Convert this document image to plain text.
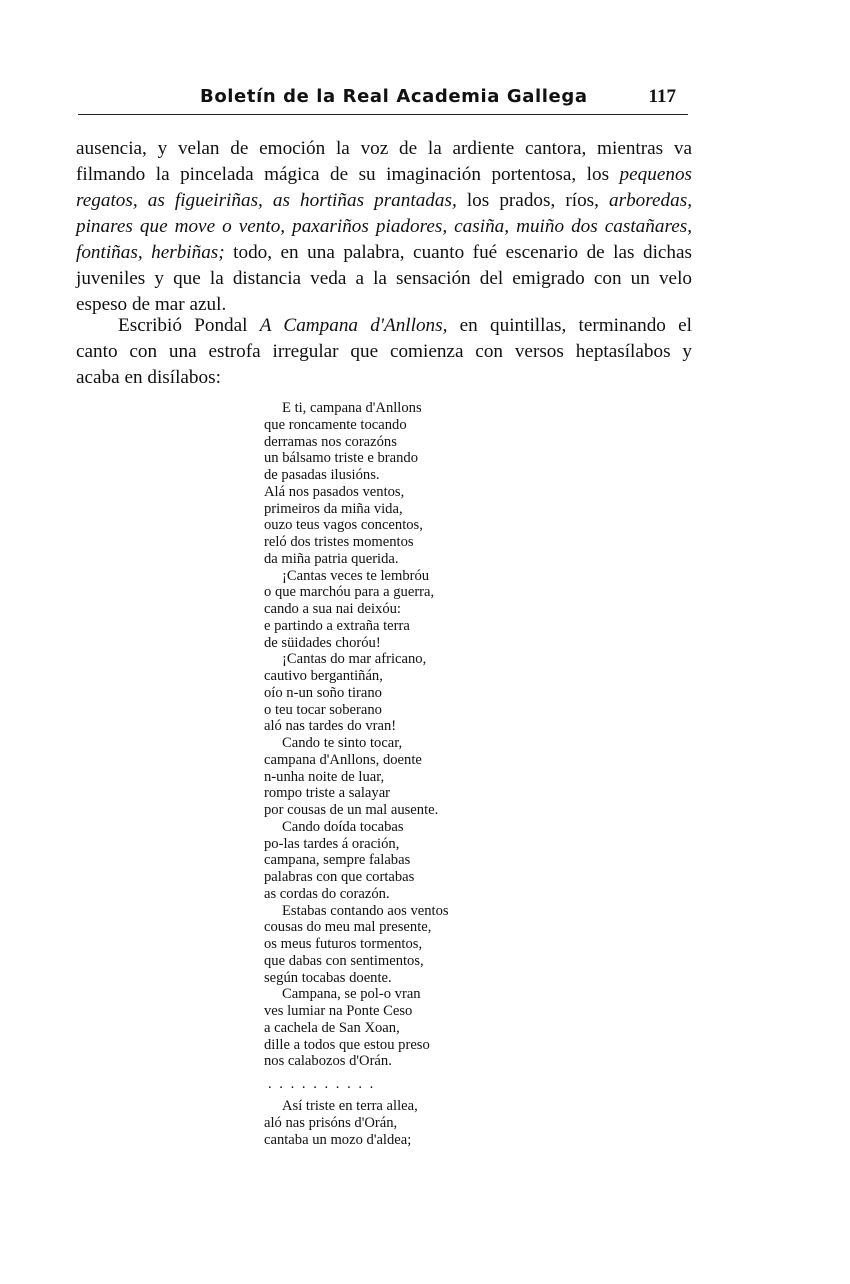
Boletín de la Real Academia Gallega	117
ausencia, y velan de emoción la voz de la ardiente cantora, mientras va
filmando la pincelada mágica de su imaginación portentosa, los pequenos
regatos, as figueiriñas, as hortiñas prantadas, los prados, ríos, arboredas,
pinares que move o vento, paxariños piadores, casiña, muiño dos castañares,
fontiñas, herbiñas; todo, en una palabra, cuanto fué escenario de las dichas
juveniles y que la distancia veda a la sensación del emigrado con un velo
espeso de mar azul.
Escribió Pondal A Campana d'Anllons, en quintillas, terminando el
canto con una estrofa irregular que comienza con versos heptasílabos y
acaba en disílabos:
E ti, campana d'Anllons
que roncamente tocando
derramas nos corazóns
un bálsamo triste e brando
de pasadas ilusións.
Alá nos pasados ventos,
primeiros da miña vida,
ouzo teus vagos concentos,
reló dos tristes momentos
da miña patria querida.
¡Cantas veces te lembróu
o que marchóu para a guerra,
cando a sua nai deixóu:
e partindo a extraña terra
de süidades choróu!
¡Cantas do mar africano,
cautivo bergantiñán,
oío n-un soño tirano
o teu tocar soberano
aló nas tardes do vran!
Cando te sinto tocar,
campana d'Anllons, doente
n-unha noite de luar,
rompo triste a salayar
por cousas de un mal ausente.
Cando doída tocabas
po-las tardes á oración,
campana, sempre falabas
palabras con que cortabas
as cordas do corazón.
Estabas contando aos ventos
cousas do meu mal presente,
os meus futuros tormentos,
que dabas con sentimentos,
según tocabas doente.
Campana, se pol-o vran
ves lumiar na Ponte Ceso
a cachela de San Xoan,
dille a todos que estou preso
nos calabozos d'Orán.
. . . . . . . . . .
Así triste en terra allea,
aló nas prisóns d'Orán,
cantaba un mozo d'aldea;
